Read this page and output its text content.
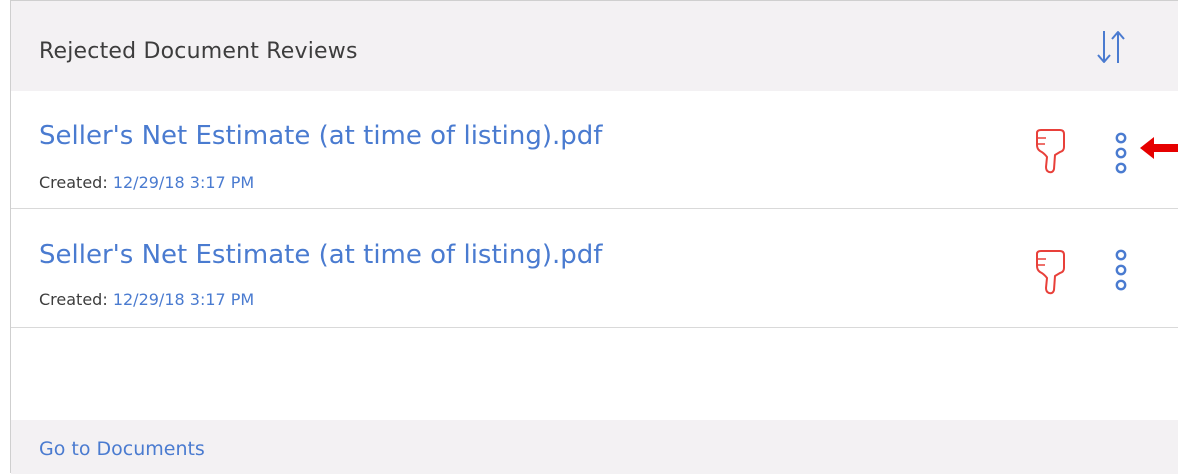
Rejected Document Reviews
Seller's Net Estimate (at time of listing).pdf
Created: 12/29/18 3:17 PM
Seller's Net Estimate (at time of listing).pdf
Created: 12/29/18 3:17 PM
Go to Documents
